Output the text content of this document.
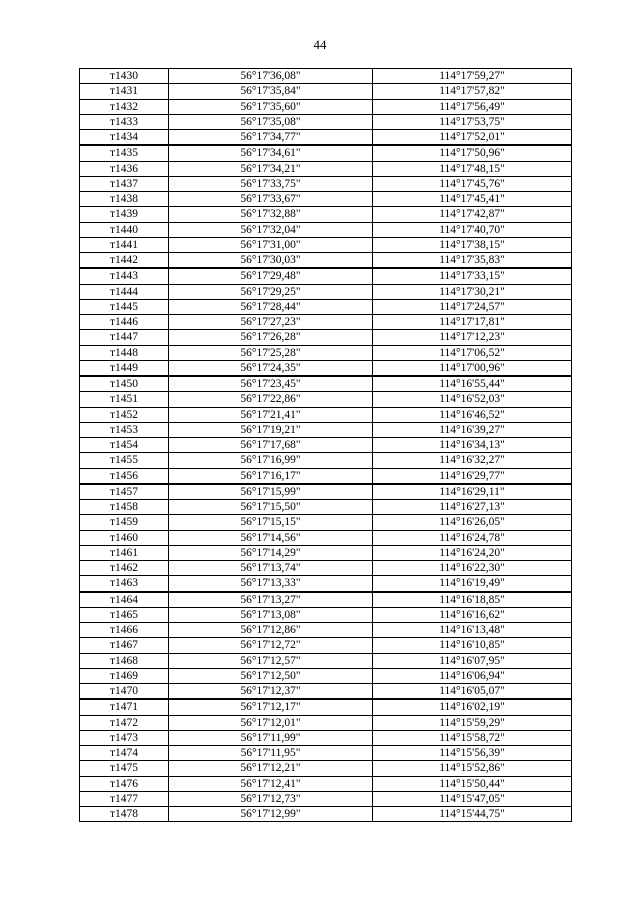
44
т1430	56°17'36,08"	114°17'59,27"
т1431	56°17'35,84"	114°17'57,82"
т1432	56°17'35,60"	114°17'56,49"
т1433	56°17'35,08"	114°17'53,75"
т1434	56°17'34,77"	114°17'52,01"
т1435	56°17'34,61"	114°17'50,96"
т1436	56°17'34,21"	114°17'48,15"
т1437	56°17'33,75"	114°17'45,76"
т1438	56°17'33,67"	114°17'45,41"
т1439	56°17'32,88"	114°17'42,87"
т1440	56°17'32,04"	114°17'40,70"
т1441	56°17'31,00"	114°17'38,15"
т1442	56°17'30,03"	114°17'35,83"
т1443	56°17'29,48"	114°17'33,15"
т1444	56°17'29,25"	114°17'30,21"
т1445	56°17'28,44"	114°17'24,57"
т1446	56°17'27,23"	114°17'17,81"
т1447	56°17'26,28"	114°17'12,23"
т1448	56°17'25,28"	114°17'06,52"
т1449	56°17'24,35"	114°17'00,96"
т1450	56°17'23,45"	114°16'55,44"
т1451	56°17'22,86"	114°16'52,03"
т1452	56°17'21,41"	114°16'46,52"
т1453	56°17'19,21"	114°16'39,27"
т1454	56°17'17,68"	114°16'34,13"
т1455	56°17'16,99"	114°16'32,27"
т1456	56°17'16,17"	114°16'29,77"
т1457	56°17'15,99"	114°16'29,11"
т1458	56°17'15,50"	114°16'27,13"
т1459	56°17'15,15"	114°16'26,05"
т1460	56°17'14,56"	114°16'24,78"
т1461	56°17'14,29"	114°16'24,20"
т1462	56°17'13,74"	114°16'22,30"
т1463	56°17'13,33"	114°16'19,49"
т1464	56°17'13,27"	114°16'18,85"
т1465	56°17'13,08"	114°16'16,62"
т1466	56°17'12,86"	114°16'13,48"
т1467	56°17'12,72"	114°16'10,85"
т1468	56°17'12,57"	114°16'07,95"
т1469	56°17'12,50"	114°16'06,94"
т1470	56°17'12,37"	114°16'05,07"
т1471	56°17'12,17"	114°16'02,19"
т1472	56°17'12,01"	114°15'59,29"
т1473	56°17'11,99"	114°15'58,72"
т1474	56°17'11,95"	114°15'56,39"
т1475	56°17'12,21"	114°15'52,86"
т1476	56°17'12,41"	114°15'50,44"
т1477	56°17'12,73"	114°15'47,05"
т1478	56°17'12,99"	114°15'44,75"
